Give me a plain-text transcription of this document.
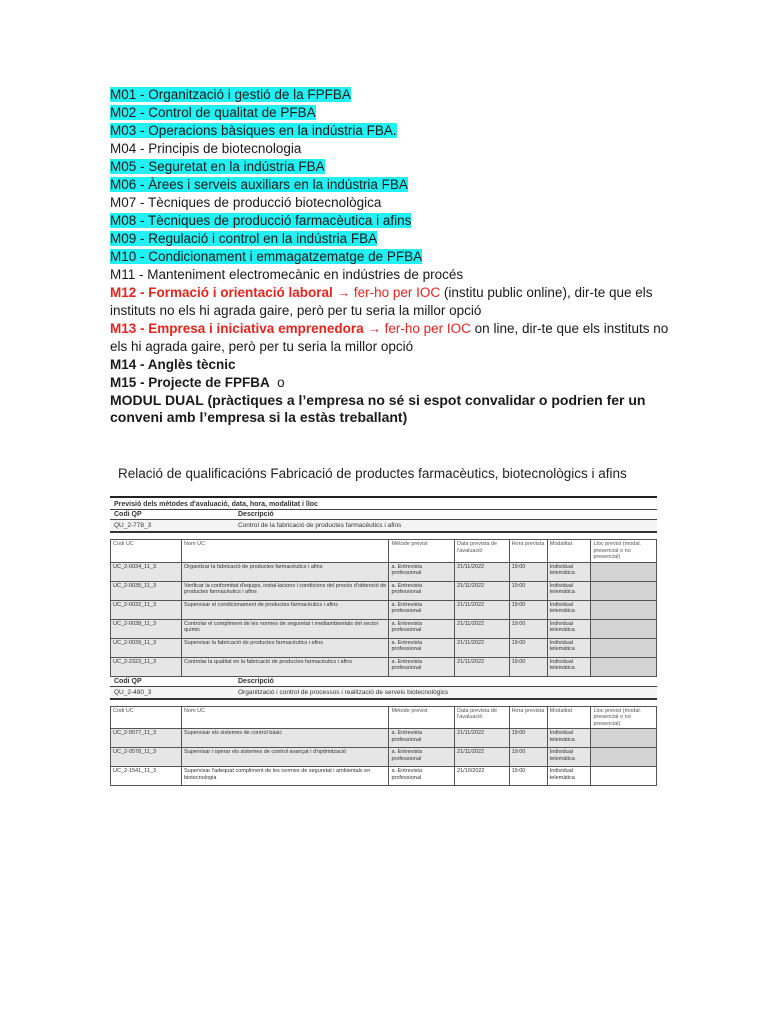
M01 - Organització i gestió de la FPFBA

M02 - Control de qualitat de PFBA

M03 - Operacions bàsiques en la indústria FBA.

M04 - Principis de biotecnologia

M05 - Seguretat en la indústria FBA

M06 - Àrees i serveis auxiliars en la indústria FBA

M07 - Tècniques de producció biotecnològica

M08 - Tècniques de producció farmacèutica i afins

M09 - Regulació i control en la indústria FBA

M10 - Condicionament i emmagatzematge de PFBA

M11 - Manteniment electromecànic en indústries de procés

M12 - Formació i orientació laboral → fer-ho per IOC (institu public online), dir-te que els instituts no els hi agrada gaire, però per tu seria la millor opció

M13 - Empresa i iniciativa emprenedora → fer-ho per IOC on line, dir-te que els instituts no els hi agrada gaire, però per tu seria la millor opció

M14 - Anglès tècnic

M15 - Projecte de FPFBA o

MODUL DUAL (pràctiques a l’empresa no sé si espot convalidar o podrien fer un conveni amb l’empresa si la estàs treballant)

Relació de qualificacións Fabricació de productes farmacèutics, biotecnològics i afins
Previsió dels mètodes d'avaluació, data, hora, modalitat i lloc
Codi QP	Descripció
QU_2-778_3	Control de la fabricació de productes farmacèutics i afins
Codi UC	Nom UC	Mètode previst	Data prevista de l'avaluació	Hora prevista	Modalitat	Lloc previst (modal. presencial o no presencial)
UC_2-0034_11_3	Organitzar la fabricació de productes farmacèutics i afins	a. Entrevista professional	21/11/2022	19:00	Individual telemàtica	
UC_2-0035_11_3	Verificar la conformitat d'equips, instal·lacions i condicions del procés d'obtenció de productes farmacèutics i afins	a. Entrevista professional	21/11/2022	19:00	Individual telemàtica	
UC_2-0032_11_3	Supervisar el condicionament de productes farmacèutics i afins	a. Entrevista professional	21/11/2022	19:00	Individual telemàtica	
UC_2-0038_11_3	Controlar el compliment de les normes de seguretat i mediambientals del sector químic	a. Entrevista professional	21/11/2022	19:00	Individual telemàtica	
UC_2-0039_11_3	Supervisar la fabricació de productes farmacèutics i afins	a. Entrevista professional	21/11/2022	19:00	Individual telemàtica	
UC_2-2323_11_3	Controlar la qualitat en la fabricació de productes farmacèutics i afins	a. Entrevista professional	21/11/2022	19:00	Individual telemàtica	
Codi QP	Descripció
QU_2-480_3	Organització i control de processos i realització de serveis biotecnològics
Codi UC	Nom UC	Mètode previst	Data prevista de l'avaluació	Hora prevista	Modalitat	Lloc previst (modal. presencial o no presencial)
UC_2-0577_11_3	Supervisar els sistemes de control bàsic	a. Entrevista professional	21/11/2022	19:00	Individual telemàtica	
UC_2-0578_11_3	Supervisar i operar els sistemes de control avançat i d'optimització	a. Entrevista professional	21/11/2022	19:00	Individual telemàtica	
UC_2-1541_11_3	Supervisar l'adequat compliment de les normes de seguretat i ambientals en biotecnologia	a. Entrevista professional	21/10/2022	19:00	Individual telemàtica	
